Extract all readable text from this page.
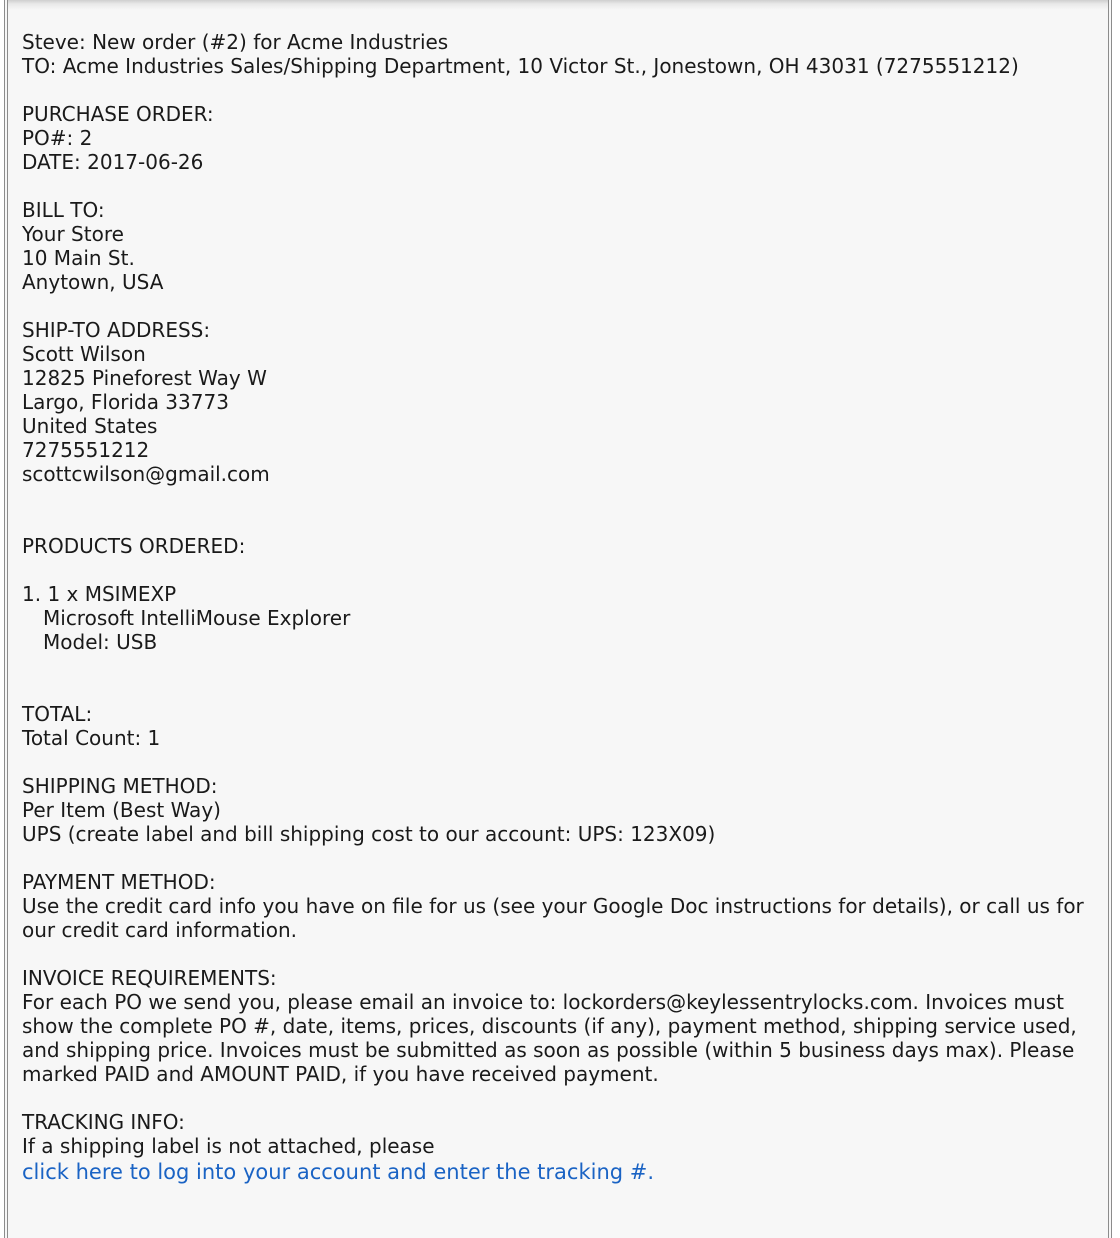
Steve: New order (#2) for Acme Industries
TO: Acme Industries Sales/Shipping Department, 10 Victor St., Jonestown, OH 43031 (7275551212)
PURCHASE ORDER:
PO#: 2
DATE: 2017-06-26
BILL TO:
Your Store
10 Main St.
Anytown, USA
SHIP-TO ADDRESS:
Scott Wilson
12825 Pineforest Way W
Largo, Florida 33773
United States
7275551212
scottcwilson@gmail.com
PRODUCTS ORDERED:
1. 1 x MSIMEXP
Microsoft IntelliMouse Explorer
Model: USB
TOTAL:
Total Count: 1
SHIPPING METHOD:
Per Item (Best Way)
UPS (create label and bill shipping cost to our account: UPS: 123X09)
PAYMENT METHOD:
Use the credit card info you have on file for us (see your Google Doc instructions for details), or call us for
our credit card information.
INVOICE REQUIREMENTS:
For each PO we send you, please email an invoice to: lockorders@keylessentrylocks.com. Invoices must
show the complete PO #, date, items, prices, discounts (if any), payment method, shipping service used,
and shipping price. Invoices must be submitted as soon as possible (within 5 business days max). Please
marked PAID and AMOUNT PAID, if you have received payment.
TRACKING INFO:
If a shipping label is not attached, please
click here to log into your account and enter the tracking #.
